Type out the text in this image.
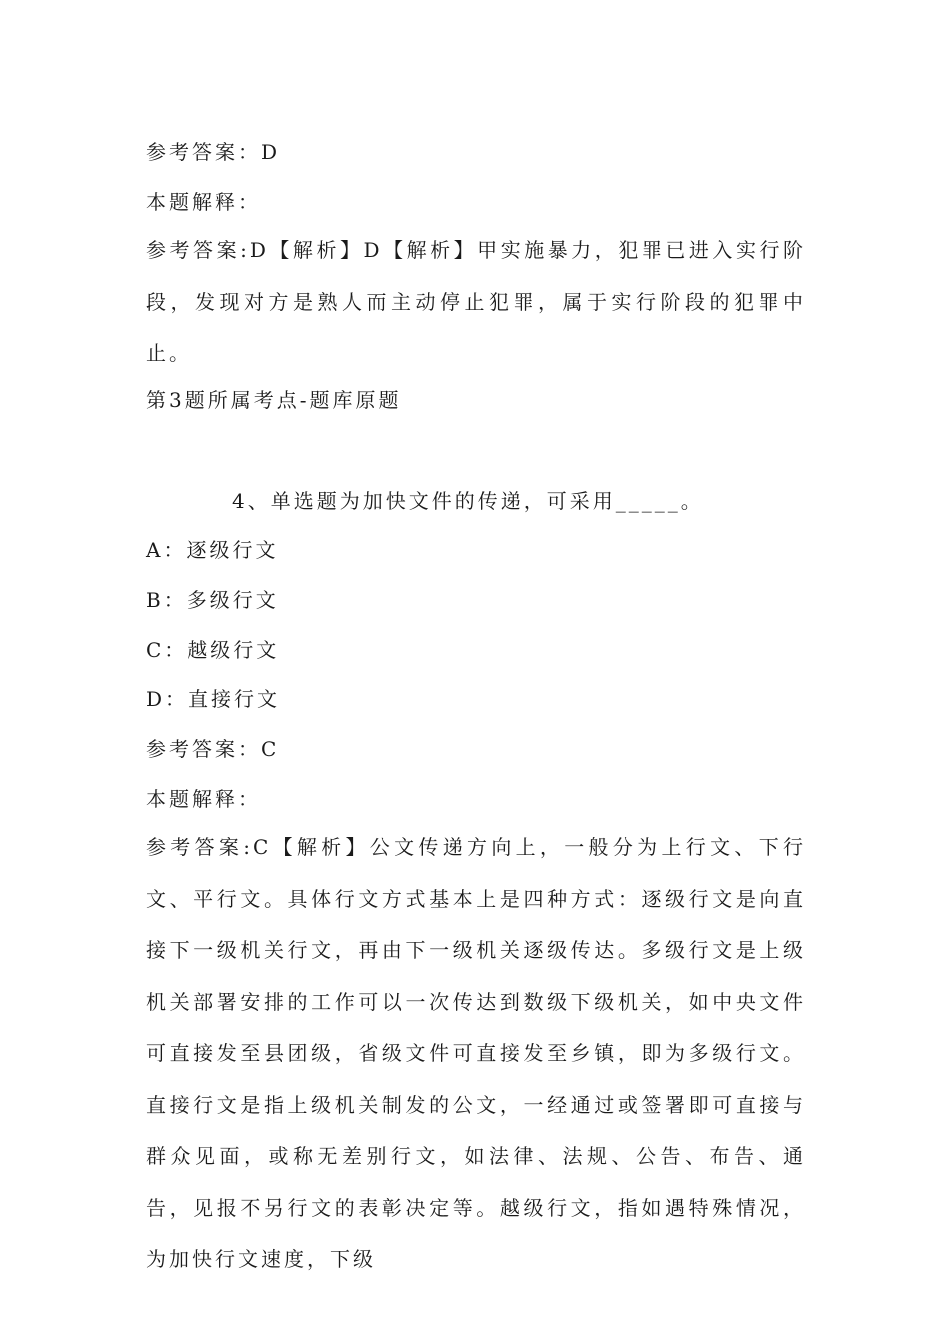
参考答案：D
本题解释：
参考答案:D【解析】D【解析】甲实施暴力，犯罪已进入实行阶段，发现对方是熟人而主动停止犯罪，属于实行阶段的犯罪中止。
第3题所属考点-题库原题
4、单选题为加快文件的传递，可采用_____。
A：逐级行文
B：多级行文
C：越级行文
D：直接行文
参考答案：C
本题解释：
参考答案:C【解析】公文传递方向上，一般分为上行文、下行文、平行文。具体行文方式基本上是四种方式：逐级行文是向直接下一级机关行文，再由下一级机关逐级传达。多级行文是上级机关部署安排的工作可以一次传达到数级下级机关，如中央文件可直接发至县团级，省级文件可直接发至乡镇，即为多级行文。直接行文是指上级机关制发的公文，一经通过或签署即可直接与群众见面，或称无差别行文，如法律、法规、公告、布告、通告，见报不另行文的表彰决定等。越级行文，指如遇特殊情况，为加快行文速度，下级
